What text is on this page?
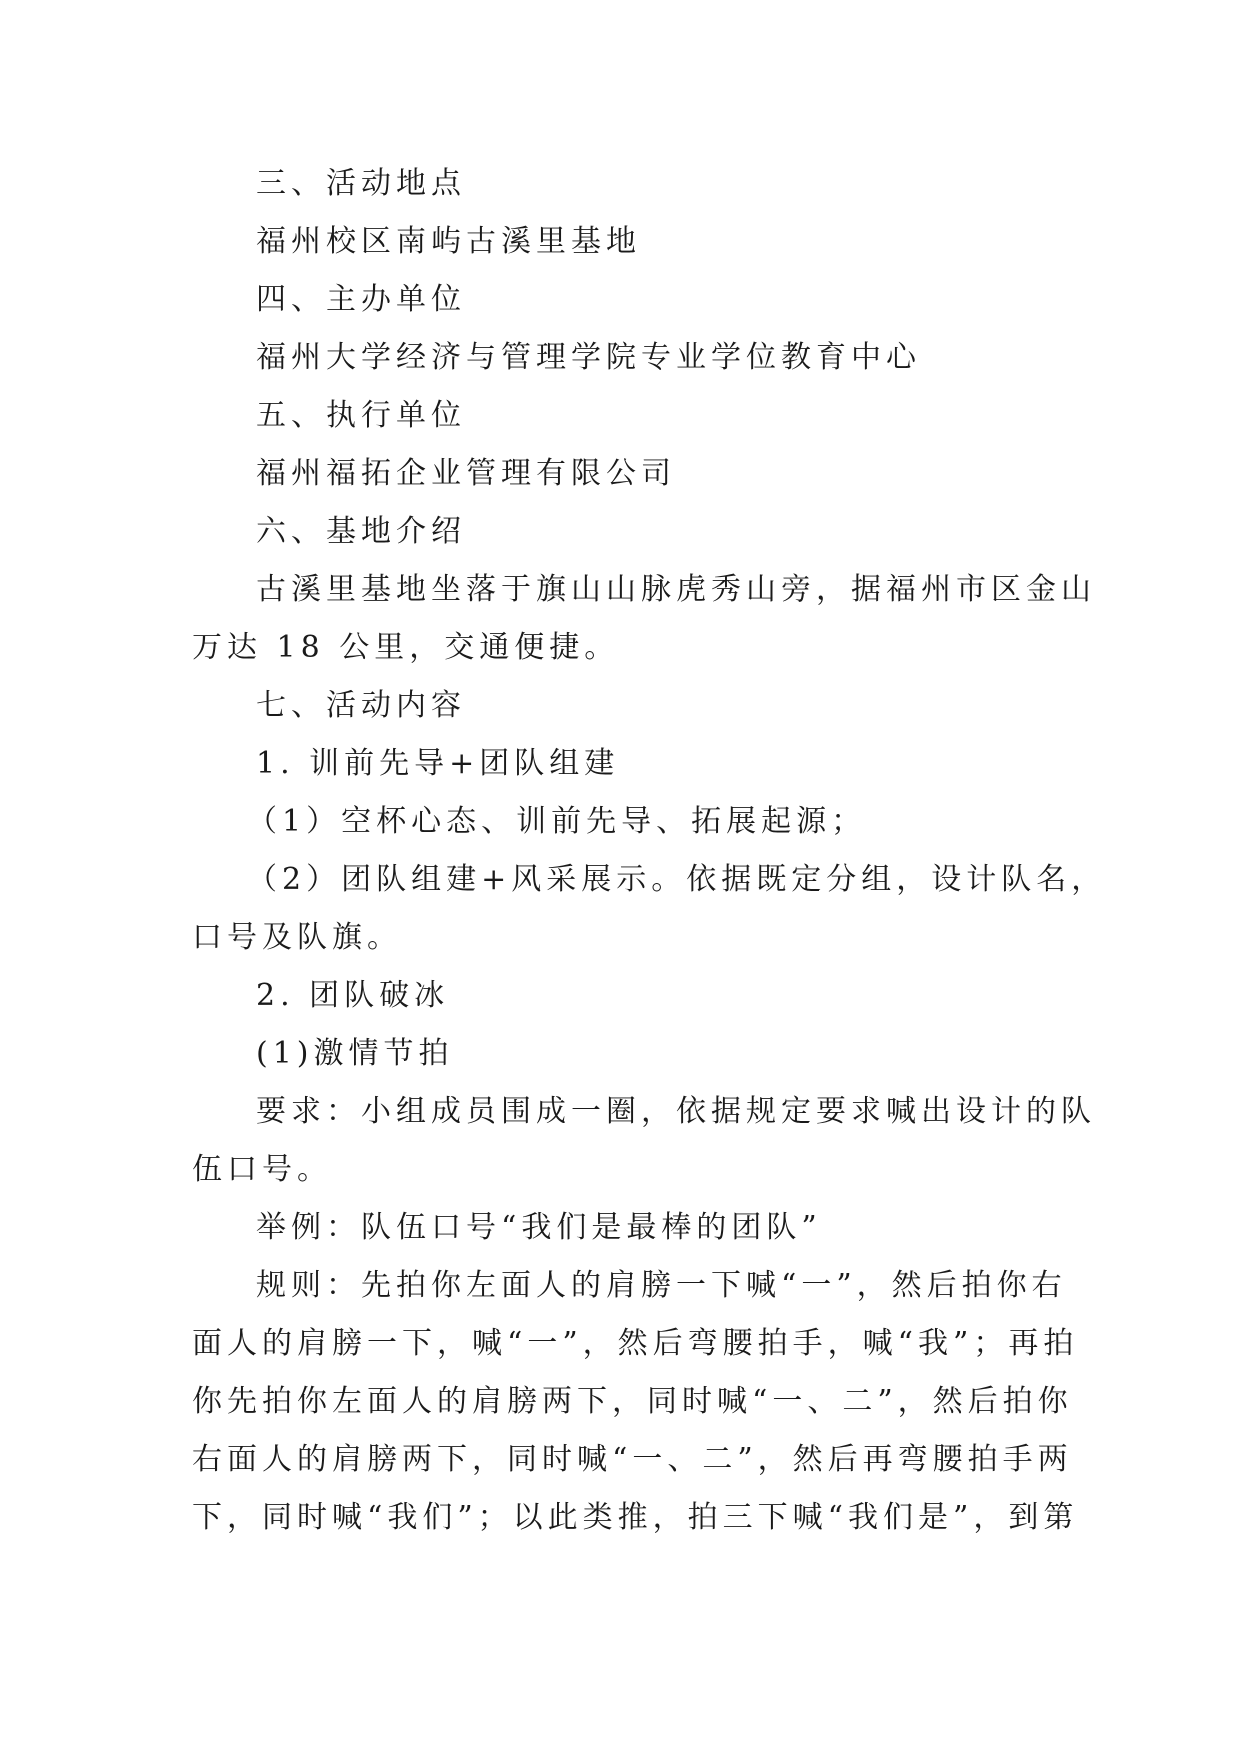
三、活动地点

福州校区南屿古溪里基地

四、主办单位

福州大学经济与管理学院专业学位教育中心

五、执行单位

福州福拓企业管理有限公司

六、基地介绍

古溪里基地坐落于旗山山脉虎秀山旁，据福州市区金山

万达 18 公里，交通便捷。

七、活动内容

1. 训前先导+团队组建

（1）空杯心态、训前先导、拓展起源；

（2）团队组建+风采展示。依据既定分组，设计队名，

口号及队旗。

2. 团队破冰

(1)激情节拍

要求：小组成员围成一圈，依据规定要求喊出设计的队

伍口号。

举例：队伍口号“我们是最棒的团队”

规则：先拍你左面人的肩膀一下喊“一”，然后拍你右

面人的肩膀一下，喊“一”，然后弯腰拍手，喊“我”；再拍

你先拍你左面人的肩膀两下，同时喊“一、二”，然后拍你

右面人的肩膀两下，同时喊“一、二”，然后再弯腰拍手两

下，同时喊“我们”；以此类推，拍三下喊“我们是”，到第
